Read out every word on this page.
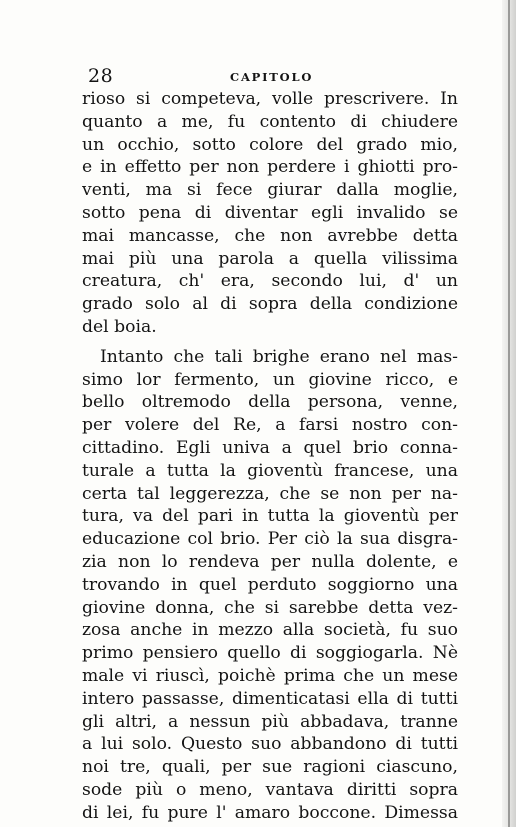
28	CAPITOLO
rioso si competeva, volle prescrivere. In
quanto a me, fu contento di chiudere
un occhio, sotto colore del grado mio,
e in effetto per non perdere i ghiotti pro-
venti, ma si fece giurar dalla moglie,
sotto pena di diventar egli invalido se
mai mancasse, che non avrebbe detta
mai più una parola a quella vilissima
creatura, ch' era, secondo lui, d' un
grado solo al di sopra della condizione
del boia.
Intanto che tali brighe erano nel mas-
simo lor fermento, un giovine ricco, e
bello oltremodo della persona, venne,
per volere del Re, a farsi nostro con-
cittadino. Egli univa a quel brio conna-
turale a tutta la gioventù francese, una
certa tal leggerezza, che se non per na-
tura, va del pari in tutta la gioventù per
educazione col brio. Per ciò la sua disgra-
zia non lo rendeva per nulla dolente, e
trovando in quel perduto soggiorno una
giovine donna, che si sarebbe detta vez-
zosa anche in mezzo alla società, fu suo
primo pensiero quello di soggiogarla. Nè
male vi riuscì, poichè prima che un mese
intero passasse, dimenticatasi ella di tutti
gli altri, a nessun più abbadava, tranne
a lui solo. Questo suo abbandono di tutti
noi tre, quali, per sue ragioni ciascuno,
sode più o meno, vantava diritti sopra
di lei, fu pure l' amaro boccone. Dimessa
